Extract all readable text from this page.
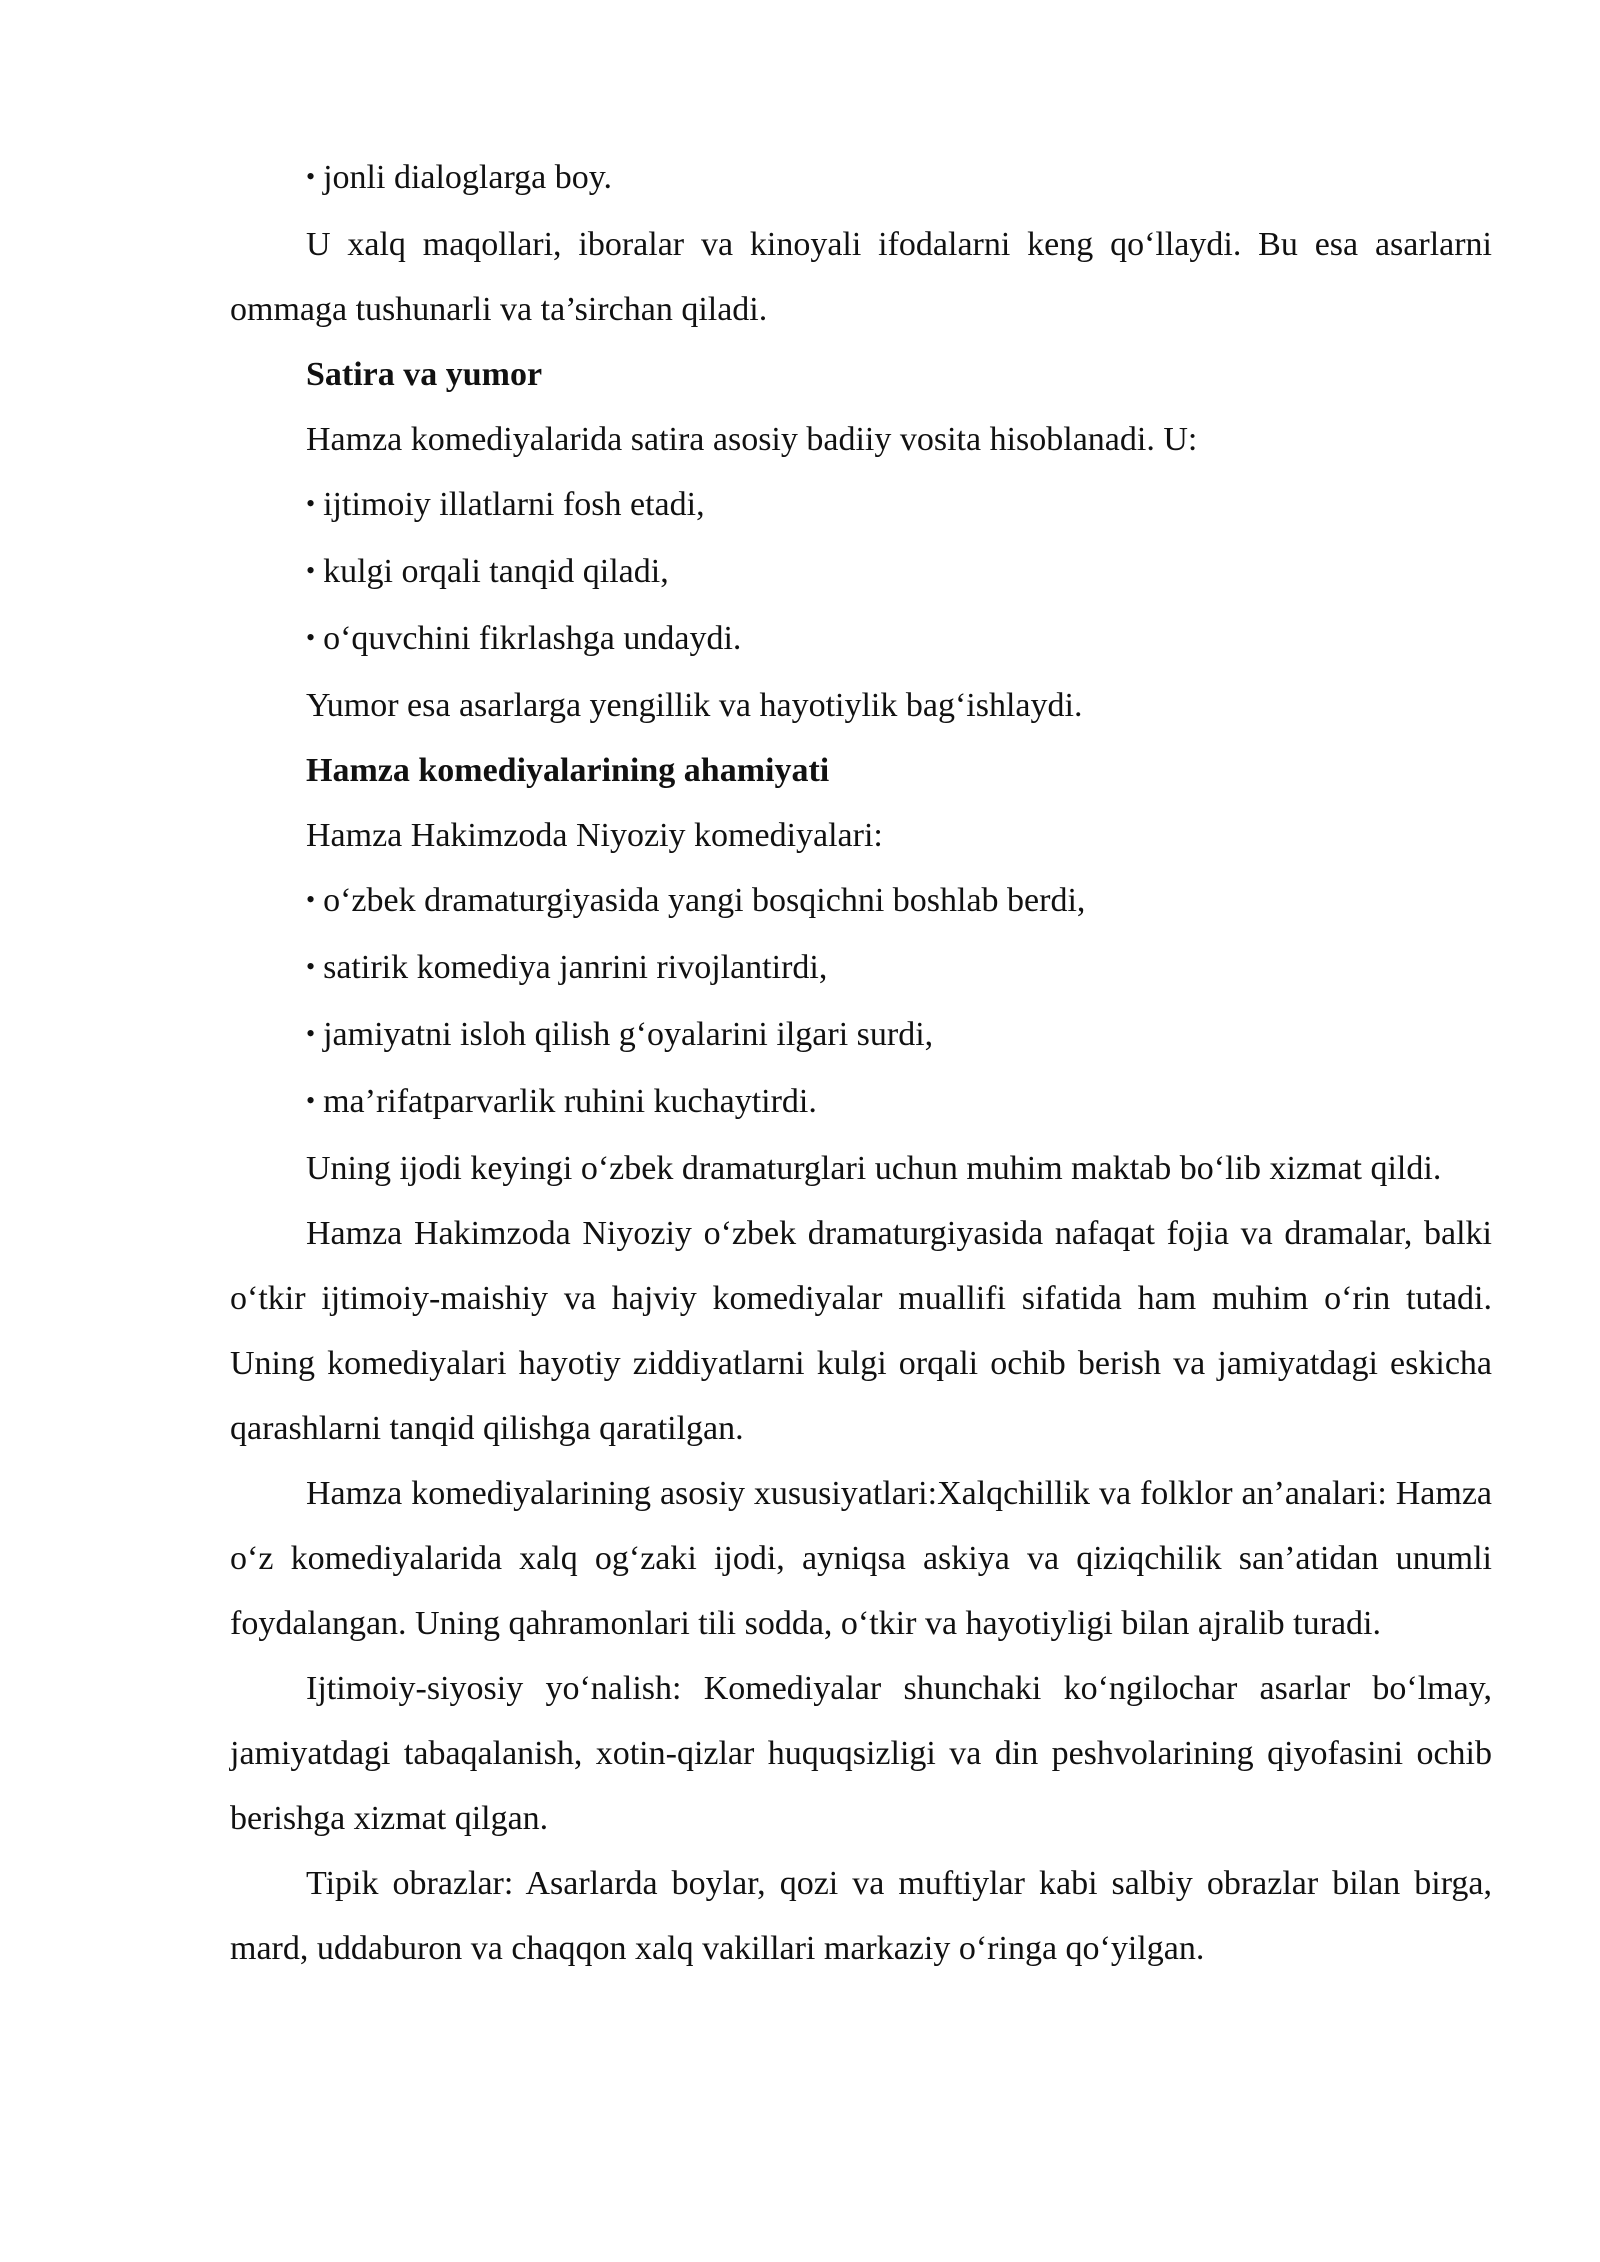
• jonli dialoglarga boy.

U xalq maqollari, iboralar va kinoyali ifodalarni keng qo‘llaydi. Bu esa asarlarni ommaga tushunarli va ta’sirchan qiladi.

Satira va yumor

Hamza komediyalarida satira asosiy badiiy vosita hisoblanadi. U:

• ijtimoiy illatlarni fosh etadi,

• kulgi orqali tanqid qiladi,

• o‘quvchini fikrlashga undaydi.

Yumor esa asarlarga yengillik va hayotiylik bag‘ishlaydi.

Hamza komediyalarining ahamiyati

Hamza Hakimzoda Niyoziy komediyalari:

• o‘zbek dramaturgiyasida yangi bosqichni boshlab berdi,

• satirik komediya janrini rivojlantirdi,

• jamiyatni isloh qilish g‘oyalarini ilgari surdi,

• ma’rifatparvarlik ruhini kuchaytirdi.

Uning ijodi keyingi o‘zbek dramaturglari uchun muhim maktab bo‘lib xizmat qildi.

Hamza Hakimzoda Niyoziy o‘zbek dramaturgiyasida nafaqat fojia va dramalar, balki o‘tkir ijtimoiy-maishiy va hajviy komediyalar muallifi sifatida ham muhim o‘rin tutadi. Uning komediyalari hayotiy ziddiyatlarni kulgi orqali ochib berish va jamiyatdagi eskicha qarashlarni tanqid qilishga qaratilgan.

Hamza komediyalarining asosiy xususiyatlari:Xalqchillik va folklor an’analari: Hamza o‘z komediyalarida xalq og‘zaki ijodi, ayniqsa askiya va qiziqchilik san’atidan unumli foydalangan. Uning qahramonlari tili sodda, o‘tkir va hayotiyligi bilan ajralib turadi.

Ijtimoiy-siyosiy yo‘nalish: Komediyalar shunchaki ko‘ngilochar asarlar bo‘lmay, jamiyatdagi tabaqalanish, xotin-qizlar huquqsizligi va din peshvolarining qiyofasini ochib berishga xizmat qilgan.

Tipik obrazlar: Asarlarda boylar, qozi va muftiylar kabi salbiy obrazlar bilan birga, mard, uddaburon va chaqqon xalq vakillari markaziy o‘ringa qo‘yilgan.
